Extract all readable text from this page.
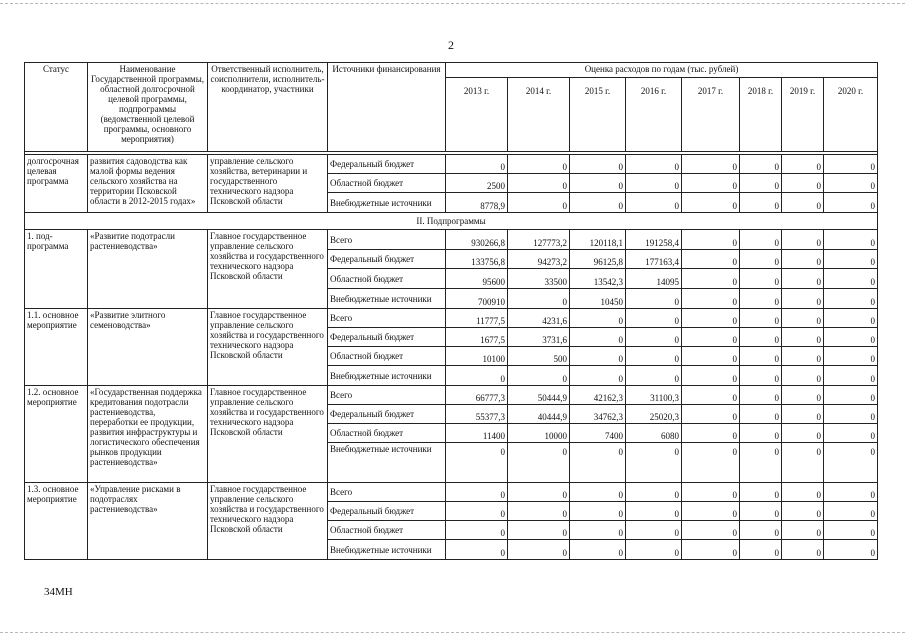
2
Статус	Наименование Государственной программы, областной долгосрочной целевой программы, подпрограммы (ведомственной целевой программы, основного мероприятия)	Ответственный исполнитель, соисполнители, исполнитель-координатор, участники	Источники финансирования	Оценка расходов по годам (тыс. рублей)							
				2013 г.	2014 г.	2015 г.	2016 г.	2017 г.	2018 г.	2019 г.	2020 г.

долгосрочная целевая программа	развития садоводства как малой формы ведения сельского хозяйства на территории Псковской области в 2012-2015 годах»	управление сельского хозяйства, ветеринарии и государственного технического надзора Псковской области	Федеральный бюджет	0	0	0	0	0	0	0	0
			Областной бюджет	2500	0	0	0	0	0	0	0
			Внебюджетные источники	8778,9	0	0	0	0	0	0	0
II. Подпрограммы											
1. под-программа	«Развитие подотрасли растениеводства»	Главное государственное управление сельского хозяйства и государственного технического надзора Псковской области	Всего	930266,8	127773,2	120118,1	191258,4	0	0	0	0
			Федеральный бюджет	133756,8	94273,2	96125,8	177163,4	0	0	0	0
			Областной бюджет	95600	33500	13542,3	14095	0	0	0	0
			Внебюджетные источники	700910	0	10450	0	0	0	0	0
1.1. основное мероприятие	«Развитие элитного семеноводства»	Главное государственное управление сельского хозяйства и государственного технического надзора Псковской области	Всего	11777,5	4231,6	0	0	0	0	0	0
			Федеральный бюджет	1677,5	3731,6	0	0	0	0	0	0
			Областной бюджет	10100	500	0	0	0	0	0	0
			Внебюджетные источники	0	0	0	0	0	0	0	0
1.2. основное мероприятие	«Государственная поддержка кредитования подотрасли растениеводства, переработки ее продукции, развития инфраструктуры и логистического обеспечения рынков продукции растениеводства»	Главное государственное управление сельского хозяйства и государственного технического надзора Псковской области	Всего	66777,3	50444,9	42162,3	31100,3	0	0	0	0
			Федеральный бюджет	55377,3	40444,9	34762,3	25020,3	0	0	0	0
			Областной бюджет	11400	10000	7400	6080	0	0	0	0
			Внебюджетные источники	0	0	0	0	0	0	0	0
1.3. основное мероприятие	«Управление рисками в подотраслях растениеводства»	Главное государственное управление сельского хозяйства и государственного технического надзора Псковской области	Всего	0	0	0	0	0	0	0	0
			Федеральный бюджет	0	0	0	0	0	0	0	0
			Областной бюджет	0	0	0	0	0	0	0	0
			Внебюджетные источники	0	0	0	0	0	0	0	0
34МН
